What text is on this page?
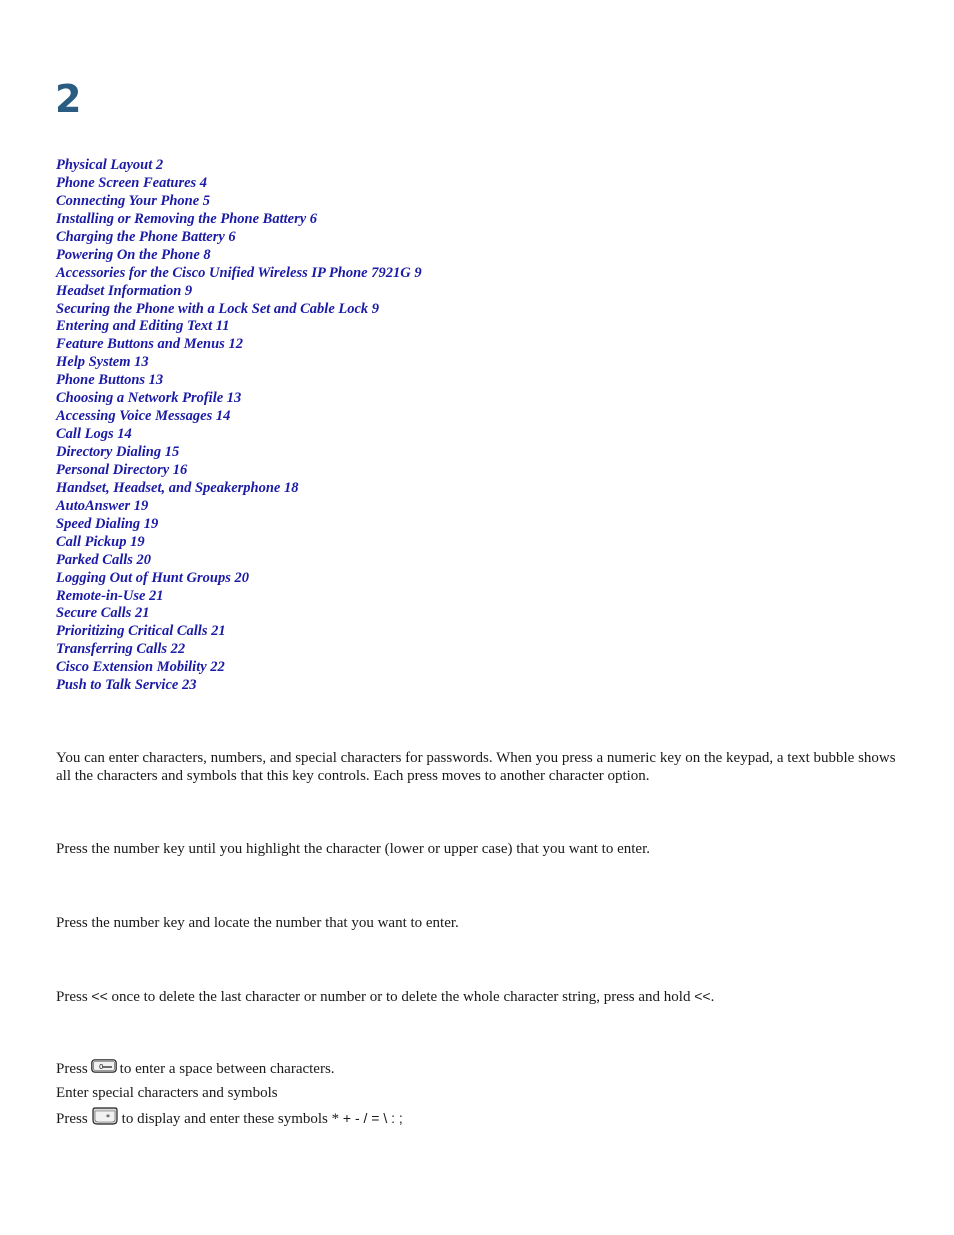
2
Physical Layout 2
Phone Screen Features 4
Connecting Your Phone 5
Installing or Removing the Phone Battery 6
Charging the Phone Battery 6
Powering On the Phone 8
Accessories for the Cisco Unified Wireless IP Phone 7921G 9
Headset Information 9
Securing the Phone with a Lock Set and Cable Lock 9
Entering and Editing Text 11
Feature Buttons and Menus 12
Help System 13
Phone Buttons 13
Choosing a Network Profile 13
Accessing Voice Messages 14
Call Logs 14
Directory Dialing 15
Personal Directory 16
Handset, Headset, and Speakerphone 18
AutoAnswer 19
Speed Dialing 19
Call Pickup 19
Parked Calls 20
Logging Out of Hunt Groups 20
Remote-in-Use 21
Secure Calls 21
Prioritizing Critical Calls 21
Transferring Calls 22
Cisco Extension Mobility 22
Push to Talk Service 23

You can enter characters, numbers, and special characters for passwords. When you press a numeric key on the keypad, a text bubble shows all the characters and symbols that this key controls. Each press moves to another character option.

Press the number key until you highlight the character (lower or upper case) that you want to enter.

Press the number key and locate the number that you want to enter.

Press << once to delete the last character or number or to delete the whole character string, press and hold <<.

Press 0 to enter a space between characters.

Enter special characters and symbols

Press * to display and enter these symbols * + - / = \ : ;
